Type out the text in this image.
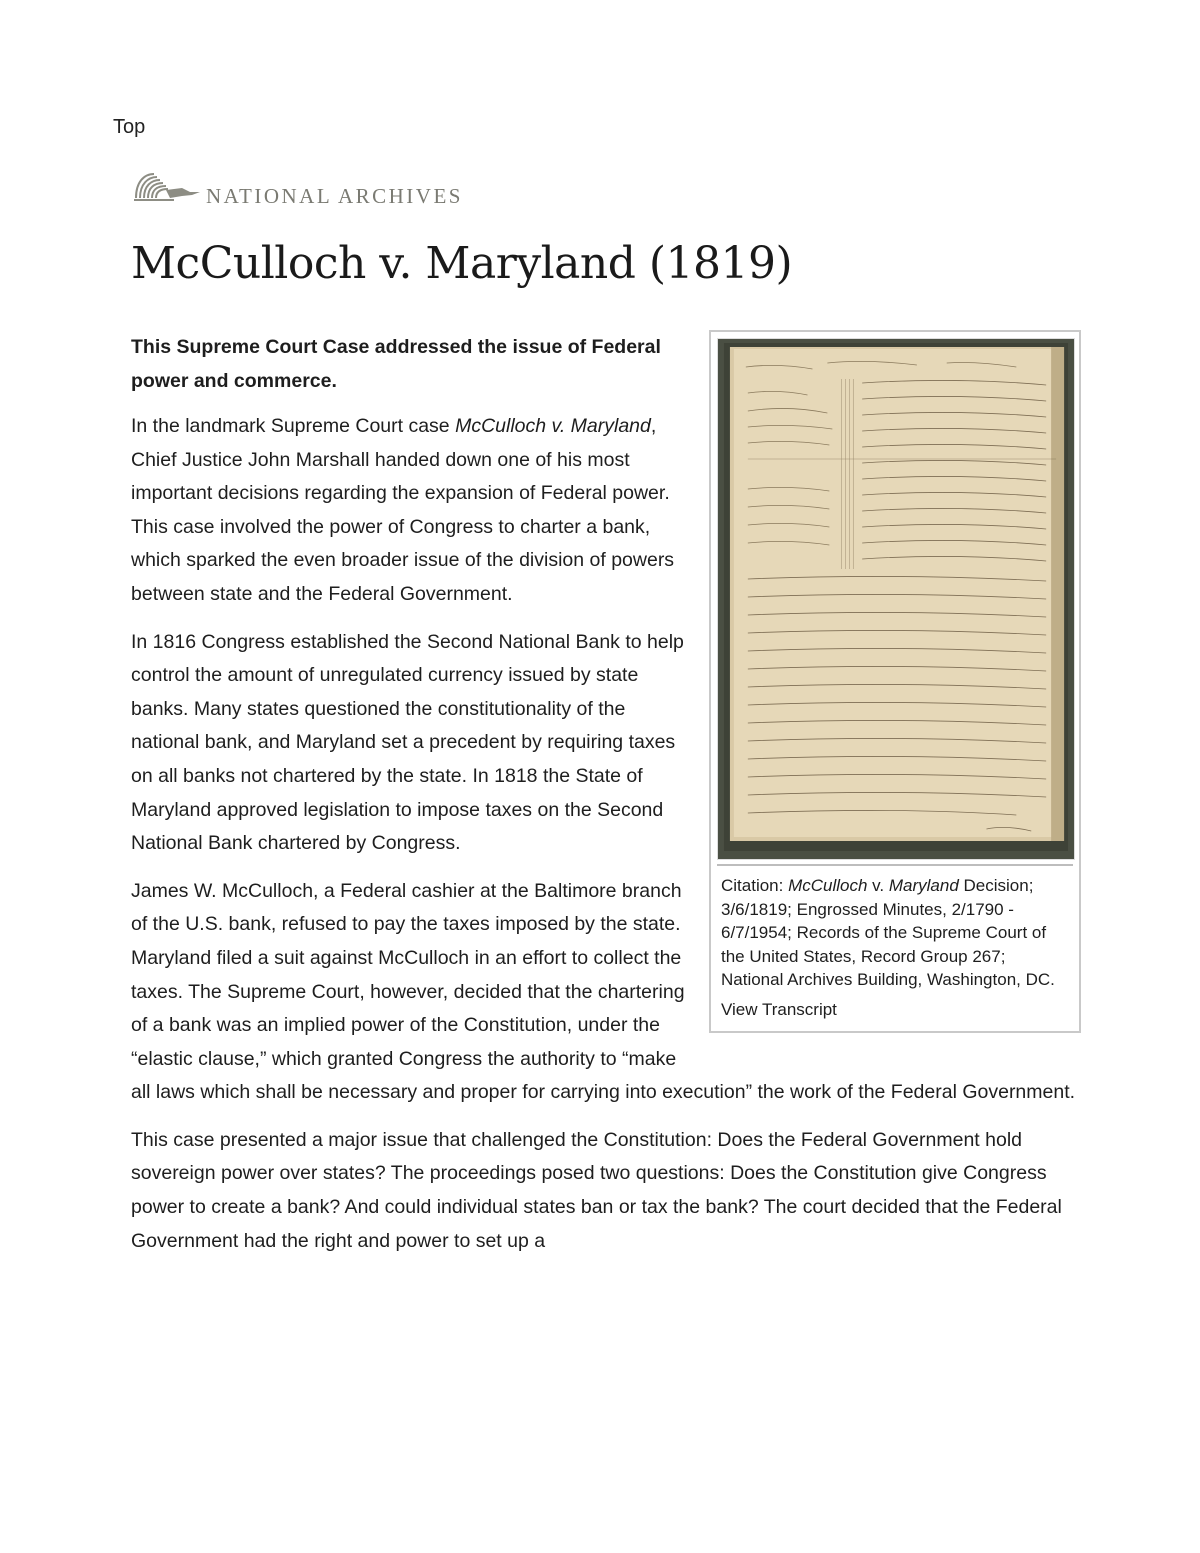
Top
NATIONAL ARCHIVES
McCulloch v. Maryland (1819)
Citation: McCulloch v. Maryland Decision; 3/6/1819; Engrossed Minutes, 2/1790 - 6/7/1954; Records of the Supreme Court of the United States, Record Group 267; National Archives Building, Washington, DC.
View Transcript

This Supreme Court Case addressed the issue of Federal power and commerce.

In the landmark Supreme Court case McCulloch v. Maryland, Chief Justice John Marshall handed down one of his most important decisions regarding the expansion of Federal power. This case involved the power of Congress to charter a bank, which sparked the even broader issue of the division of powers between state and the Federal Government.

In 1816 Congress established the Second National Bank to help control the amount of unregulated currency issued by state banks. Many states questioned the constitutionality of the national bank, and Maryland set a precedent by requiring taxes on all banks not chartered by the state. In 1818 the State of Maryland approved legislation to impose taxes on the Second National Bank chartered by Congress.

James W. McCulloch, a Federal cashier at the Baltimore branch of the U.S. bank, refused to pay the taxes imposed by the state. Maryland filed a suit against McCulloch in an effort to collect the taxes. The Supreme Court, however, decided that the chartering of a bank was an implied power of the Constitution, under the “elastic clause,” which granted Congress the authority to “make all laws which shall be necessary and proper for carrying into execution” the work of the Federal Government.

This case presented a major issue that challenged the Constitution: Does the Federal Government hold sovereign power over states? The proceedings posed two questions: Does the Constitution give Congress power to create a bank? And could individual states ban or tax the bank? The court decided that the Federal Government had the right and power to set up a
